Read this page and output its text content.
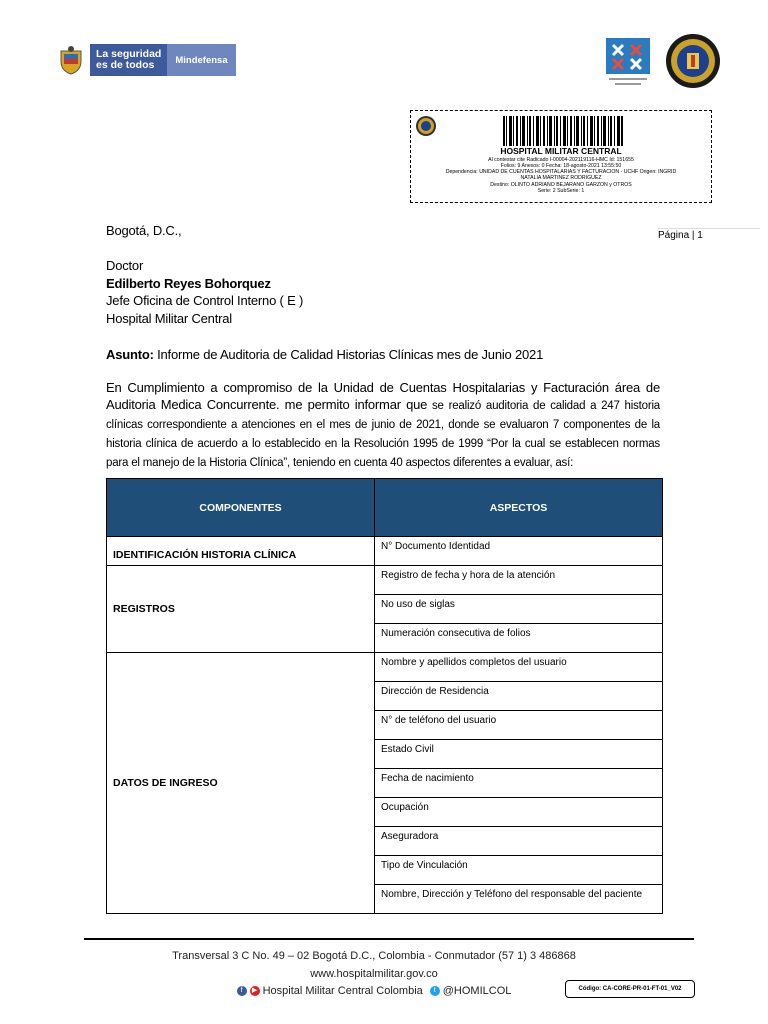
La seguridad
es de todos	Mindefensa
HOSPITAL MILITAR CENTRAL
Al contestar cite Radicado I-00004-202119116-HMC Id: 151655
Folios: 9 Anexos: 0 Fecha: 18-agosto-2021 13:55:50
Dependencia: UNIDAD DE CUENTAS HOSPITALARIAS Y FACTURACION - UCHF Origen: INGRID
NATALIA MARTINEZ RODRIGUEZ
Destino: OLINTO ADRIANO BEJARANO GARZON y OTROS
Serie: 2 SubSerie: 1
Página | 1
Bogotá, D.C.,
Doctor
Edilberto Reyes Bohorquez
Jefe Oficina de Control Interno ( E )
Hospital Militar Central
Asunto: Informe de Auditoria de Calidad Historias Clínicas mes de Junio 2021
En Cumplimiento a compromiso de la Unidad de Cuentas Hospitalarias y Facturación área de Auditoria Medica Concurrente. me permito informar que se realizó auditoria de calidad a 247 historia clínicas correspondiente a atenciones en el mes de junio de 2021, donde se evaluaron 7 componentes de la historia clínica de acuerdo a lo establecido en la Resolución 1995 de 1999 “Por la cual se establecen normas para el manejo de la Historia Clínica”, teniendo en cuenta 40 aspectos diferentes a evaluar, así:
COMPONENTES	ASPECTOS
IDENTIFICACIÓN HISTORIA CLÍNICA	N° Documento Identidad
REGISTROS	Registro de fecha y hora de la atención
	No uso de siglas
	Numeración consecutiva de folios
DATOS DE INGRESO	Nombre y apellidos completos del usuario
	Dirección de Residencia
	N° de teléfono del usuario
	Estado Civil
	Fecha de nacimiento
	Ocupación
	Aseguradora
	Tipo de Vinculación
	Nombre, Dirección y Teléfono del responsable del paciente
Transversal 3 C No. 49 – 02 Bogotá D.C., Colombia - Conmutador (57 1) 3 486868
www.hospitalmilitar.gov.co
f	▶ Hospital Militar Central Colombia	t @HOMILCOL	Código: CA-CORE-PR-01-FT-01_V02
